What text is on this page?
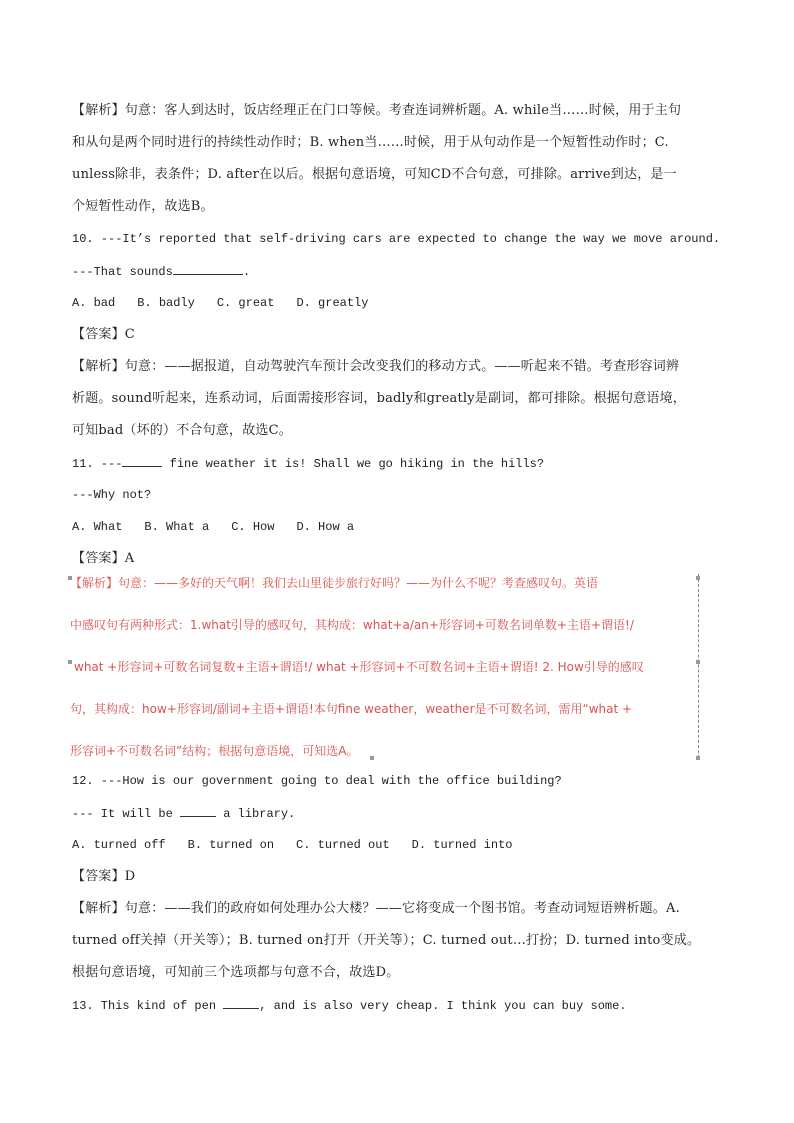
【解析】句意：客人到达时，饭店经理正在门口等候。考查连词辨析题。A. while当……时候，用于主句
和从句是两个同时进行的持续性动作时；B. when当……时候，用于从句动作是一个短暂性动作时；C.
unless除非，表条件；D. after在以后。根据句意语境，可知CD不合句意，可排除。arrive到达，是一
个短暂性动作，故选B。
10. ---It’s reported that self-driving cars are expected to change the way we move around.
---That sounds	.
A. bad B. badly C. great D. greatly
【答案】C
【解析】句意：——据报道，自动驾驶汽车预计会改变我们的移动方式。——听起来不错。考查形容词辨
析题。sound听起来，连系动词，后面需接形容词，badly和greatly是副词，都可排除。根据句意语境，
可知bad（坏的）不合句意，故选C。
11. ---	fine weather it is! Shall we go hiking in the hills?
---Why not?
A. What B. What a C. How D. How a
【答案】A
【解析】句意：——多好的天气啊！我们去山里徒步旅行好吗？——为什么不呢？考查感叹句。英语
中感叹句有两种形式：1.what引导的感叹句，其构成：what+a/an+形容词+可数名词单数+主语+谓语!/
what +形容词+可数名词复数+主语+谓语!/ what +形容词+不可数名词+主语+谓语! 2. How引导的感叹
句，其构成：how+形容词/副词+主语+谓语!本句fine weather，weather是不可数名词，需用“what +
形容词+不可数名词”结构；根据句意语境，可知选A。
12. ---How is our government going to deal with the office building?
--- It will be	a library.
A. turned off B. turned on C. turned out D. turned into
【答案】D
【解析】句意：——我们的政府如何处理办公大楼？——它将变成一个图书馆。考查动词短语辨析题。A.
turned off关掉（开关等）；B. turned on打开（开关等）；C. turned out…打扮；D. turned into变成。
根据句意语境，可知前三个选项都与句意不合，故选D。
13. This kind of pen	, and is also very cheap. I think you can buy some.
